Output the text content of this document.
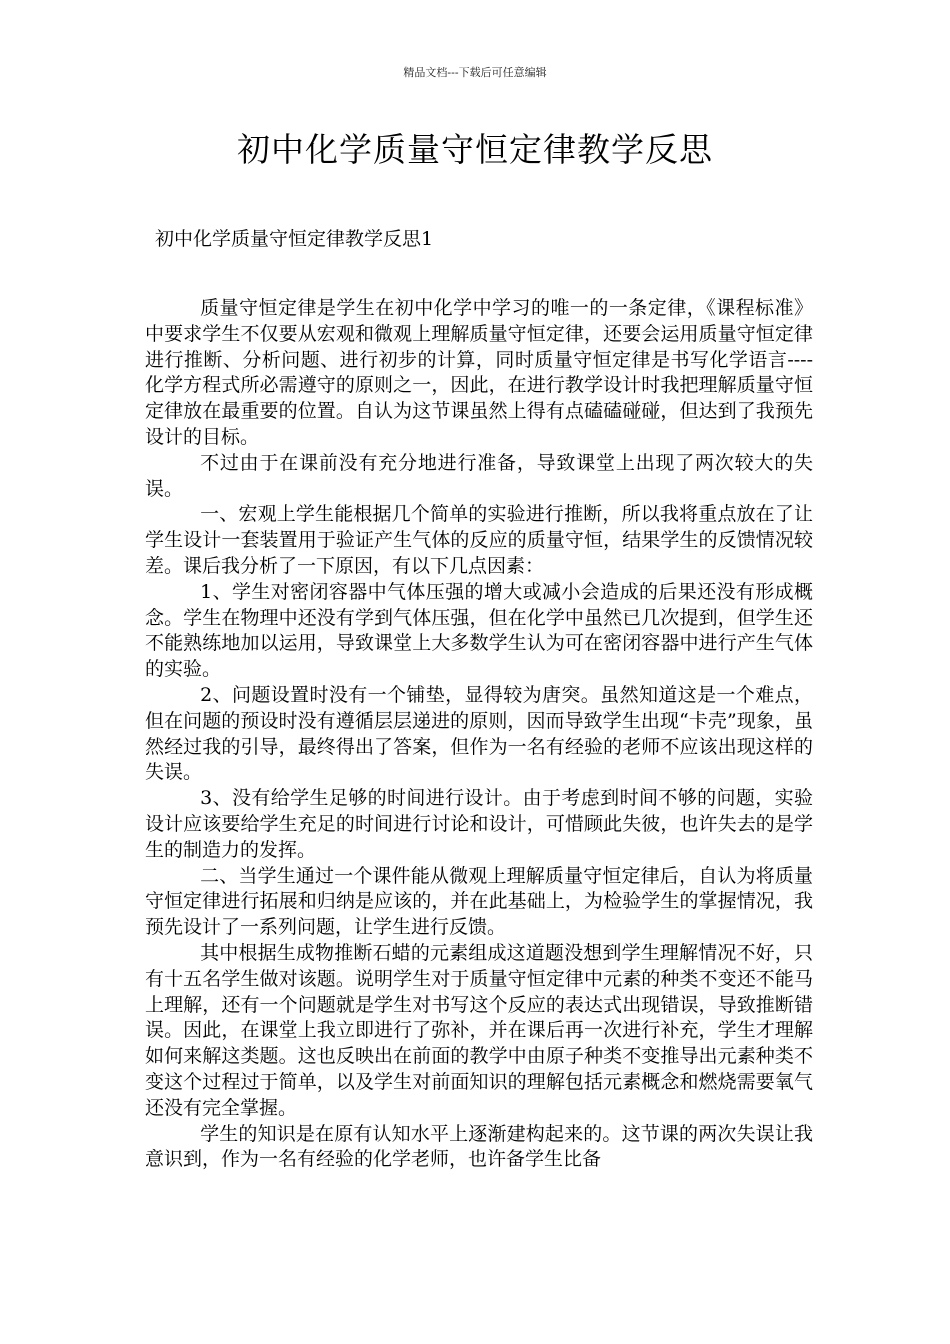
精品文档---下载后可任意编辑
初中化学质量守恒定律教学反思
初中化学质量守恒定律教学反思1

质量守恒定律是学生在初中化学中学习的唯一的一条定律，《课程标准》中要求学生不仅要从宏观和微观上理解质量守恒定律，还要会运用质量守恒定律进行推断、分析问题、进行初步的计算，同时质量守恒定律是书写化学语言----化学方程式所必需遵守的原则之一，因此，在进行教学设计时我把理解质量守恒定律放在最重要的位置。自认为这节课虽然上得有点磕磕碰碰，但达到了我预先设计的目标。

不过由于在课前没有充分地进行准备，导致课堂上出现了两次较大的失误。

一、宏观上学生能根据几个简单的实验进行推断，所以我将重点放在了让学生设计一套装置用于验证产生气体的反应的质量守恒，结果学生的反馈情况较差。课后我分析了一下原因，有以下几点因素：

1、学生对密闭容器中气体压强的增大或减小会造成的后果还没有形成概念。学生在物理中还没有学到气体压强，但在化学中虽然已几次提到，但学生还不能熟练地加以运用，导致课堂上大多数学生认为可在密闭容器中进行产生气体的实验。

2、问题设置时没有一个铺垫，显得较为唐突。虽然知道这是一个难点，但在问题的预设时没有遵循层层递进的原则，因而导致学生出现“卡壳”现象，虽然经过我的引导，最终得出了答案，但作为一名有经验的老师不应该出现这样的失误。

3、没有给学生足够的时间进行设计。由于考虑到时间不够的问题，实验设计应该要给学生充足的时间进行讨论和设计，可惜顾此失彼，也许失去的是学生的制造力的发挥。

二、当学生通过一个课件能从微观上理解质量守恒定律后，自认为将质量守恒定律进行拓展和归纳是应该的，并在此基础上，为检验学生的掌握情况，我预先设计了一系列问题，让学生进行反馈。

其中根据生成物推断石蜡的元素组成这道题没想到学生理解情况不好，只有十五名学生做对该题。说明学生对于质量守恒定律中元素的种类不变还不能马上理解，还有一个问题就是学生对书写这个反应的表达式出现错误，导致推断错误。因此，在课堂上我立即进行了弥补，并在课后再一次进行补充，学生才理解如何来解这类题。这也反映出在前面的教学中由原子种类不变推导出元素种类不变这个过程过于简单，以及学生对前面知识的理解包括元素概念和燃烧需要氧气还没有完全掌握。

学生的知识是在原有认知水平上逐渐建构起来的。这节课的两次失误让我意识到，作为一名有经验的化学老师，也许备学生比备
